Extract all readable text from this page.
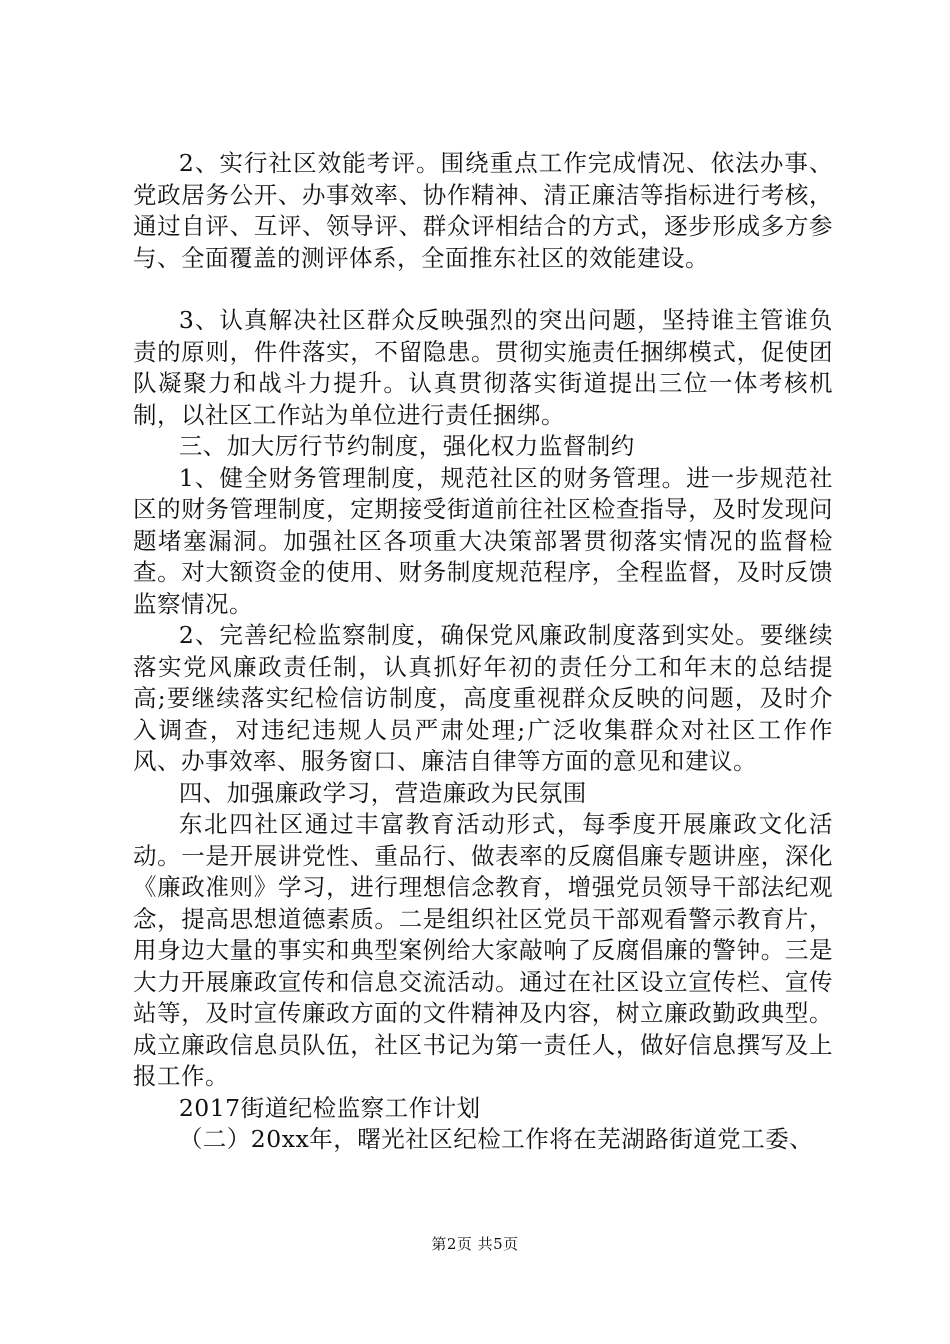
2、实行社区效能考评。围绕重点工作完成情况、依法办事、党政居务公开、办事效率、协作精神、清正廉洁等指标进行考核，通过自评、互评、领导评、群众评相结合的方式，逐步形成多方参与、全面覆盖的测评体系，全面推东社区的效能建设。

3、认真解决社区群众反映强烈的突出问题，坚持谁主管谁负责的原则，件件落实，不留隐患。贯彻实施责任捆绑模式，促使团队凝聚力和战斗力提升。认真贯彻落实街道提出三位一体考核机制，以社区工作站为单位进行责任捆绑。

三、加大厉行节约制度，强化权力监督制约

1、健全财务管理制度，规范社区的财务管理。进一步规范社区的财务管理制度，定期接受街道前往社区检查指导，及时发现问题堵塞漏洞。加强社区各项重大决策部署贯彻落实情况的监督检查。对大额资金的使用、财务制度规范程序，全程监督，及时反馈监察情况。

2、完善纪检监察制度，确保党风廉政制度落到实处。要继续落实党风廉政责任制，认真抓好年初的责任分工和年末的总结提高;要继续落实纪检信访制度，高度重视群众反映的问题，及时介入调查，对违纪违规人员严肃处理;广泛收集群众对社区工作作风、办事效率、服务窗口、廉洁自律等方面的意见和建议。

四、加强廉政学习，营造廉政为民氛围

东北四社区通过丰富教育活动形式，每季度开展廉政文化活动。一是开展讲党性、重品行、做表率的反腐倡廉专题讲座，深化《廉政准则》学习，进行理想信念教育，增强党员领导干部法纪观念，提高思想道德素质。二是组织社区党员干部观看警示教育片，用身边大量的事实和典型案例给大家敲响了反腐倡廉的警钟。三是大力开展廉政宣传和信息交流活动。通过在社区设立宣传栏、宣传站等，及时宣传廉政方面的文件精神及内容，树立廉政勤政典型。成立廉政信息员队伍，社区书记为第一责任人，做好信息撰写及上报工作。

2017街道纪检监察工作计划

（二）20xx年，曙光社区纪检工作将在芜湖路街道党工委、

第2页 共5页
